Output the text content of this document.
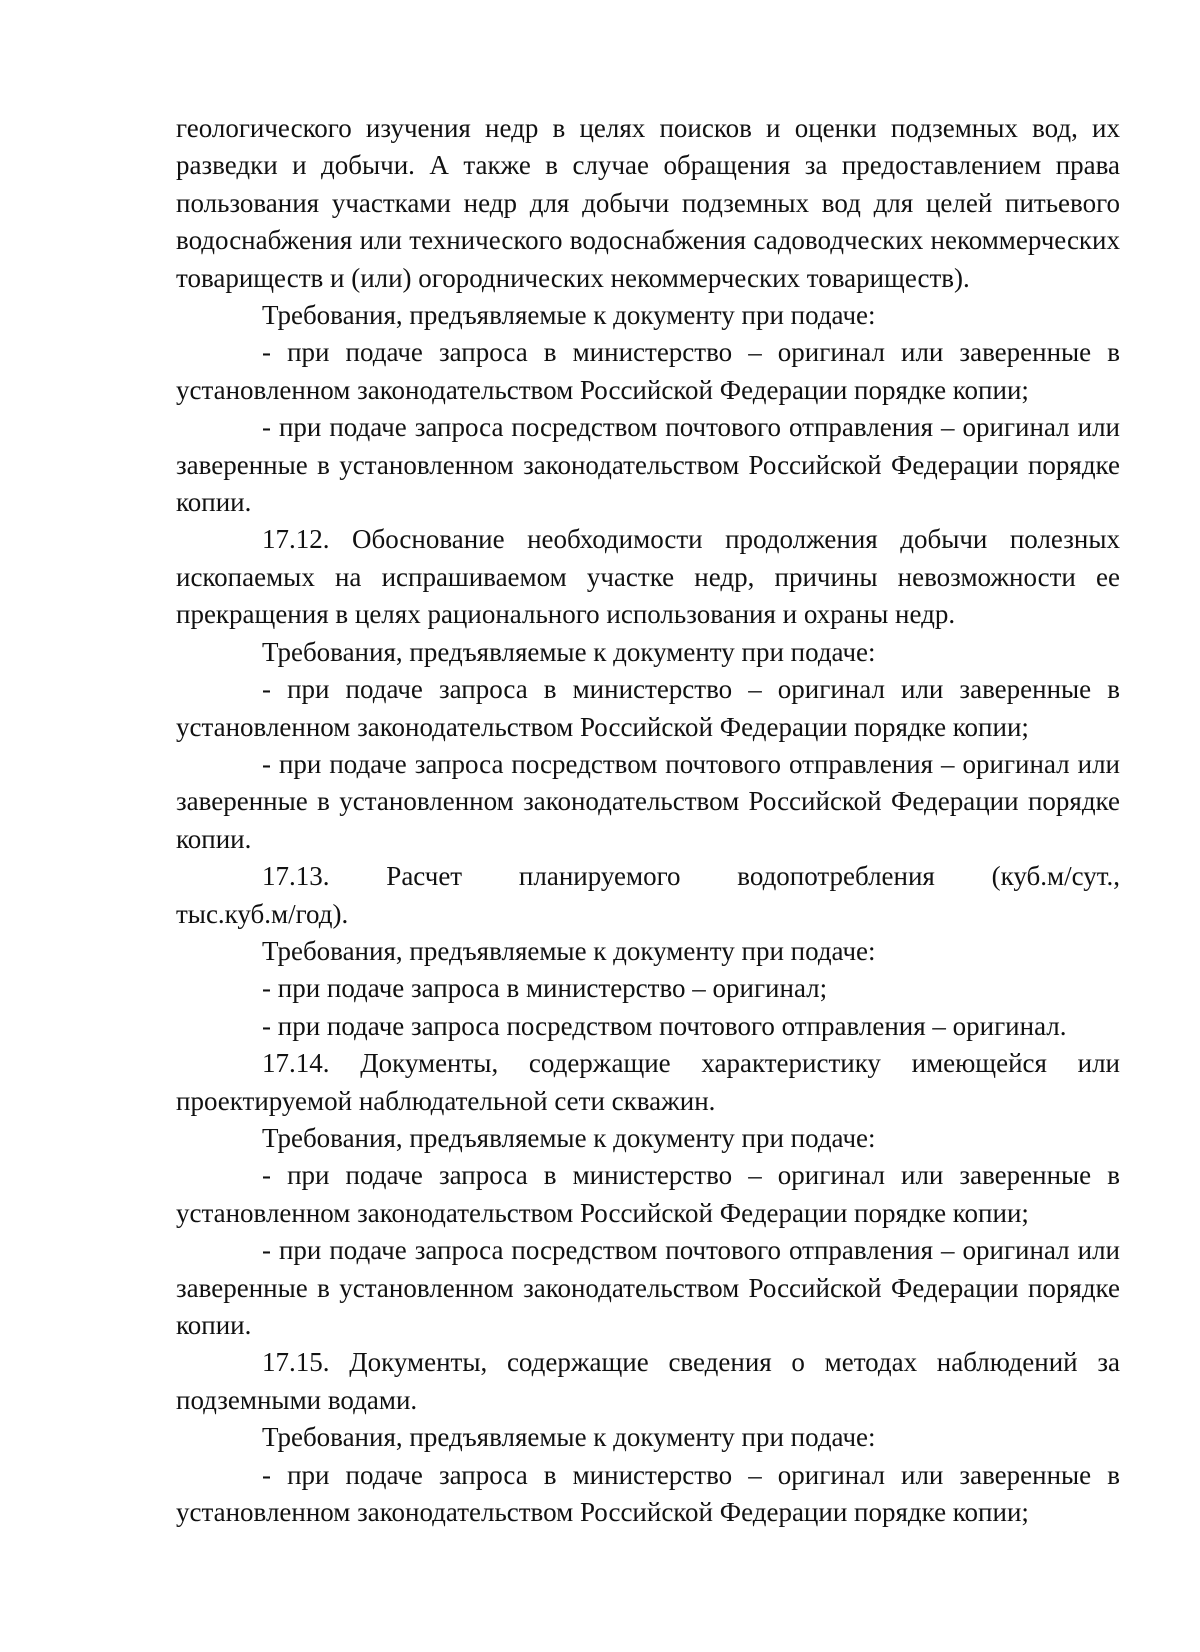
геологического изучения недр в целях поисков и оценки подземных вод, их разведки и добычи. А также в случае обращения за предоставлением права пользования участками недр для добычи подземных вод для целей питьевого водоснабжения или технического водоснабжения садоводческих некоммерческих товариществ и (или) огороднических некоммерческих товариществ).

Требования, предъявляемые к документу при подаче:

- при подаче запроса в министерство – оригинал или заверенные в установленном законодательством Российской Федерации порядке копии;

- при подаче запроса посредством почтового отправления – оригинал или заверенные в установленном законодательством Российской Федерации порядке копии.

17.12. Обоснование необходимости продолжения добычи полезных ископаемых на испрашиваемом участке недр, причины невозможности ее прекращения в целях рационального использования и охраны недр.

Требования, предъявляемые к документу при подаче:

- при подаче запроса в министерство – оригинал или заверенные в установленном законодательством Российской Федерации порядке копии;

- при подаче запроса посредством почтового отправления – оригинал или заверенные в установленном законодательством Российской Федерации порядке копии.

17.13. Расчет планируемого водопотребления (куб.м/сут.,

тыс.куб.м/год).

Требования, предъявляемые к документу при подаче:

- при подаче запроса в министерство – оригинал;

- при подаче запроса посредством почтового отправления – оригинал.

17.14. Документы, содержащие характеристику имеющейся или проектируемой наблюдательной сети скважин.

Требования, предъявляемые к документу при подаче:

- при подаче запроса в министерство – оригинал или заверенные в установленном законодательством Российской Федерации порядке копии;

- при подаче запроса посредством почтового отправления – оригинал или заверенные в установленном законодательством Российской Федерации порядке копии.

17.15. Документы, содержащие сведения о методах наблюдений за подземными водами.

Требования, предъявляемые к документу при подаче:

- при подаче запроса в министерство – оригинал или заверенные в установленном законодательством Российской Федерации порядке копии;
